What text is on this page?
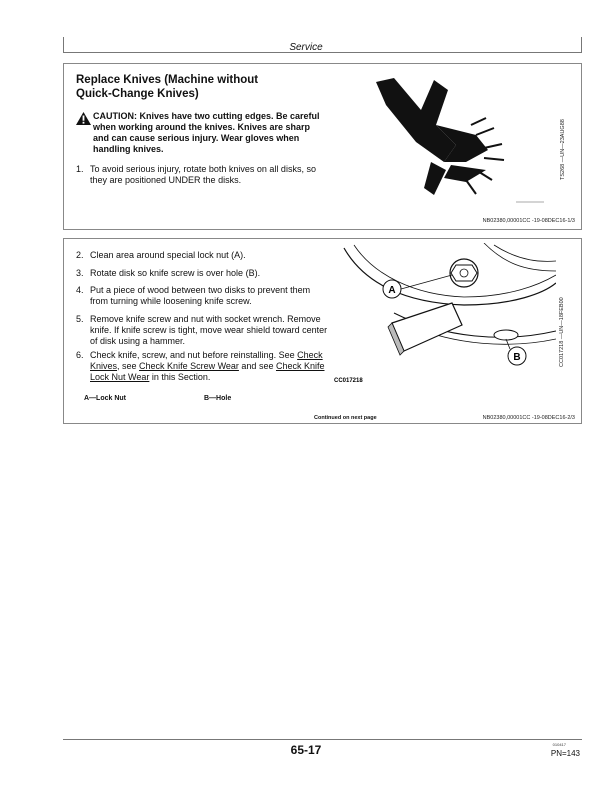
Service
Replace Knives (Machine without
Quick-Change Knives)
CAUTION: Knives have two cutting edges. Be careful when working around the knives. Knives are sharp and can cause serious injury. Wear gloves when handling knives.
1. To avoid serious injury, rotate both knives on all disks, so they are positioned UNDER the disks.	TS268 —UN—23AUG88
NB02380,00001CC -19-08DEC16-1/3
2. Clean area around special lock nut (A).
3. Rotate disk so knife screw is over hole (B).
4. Put a piece of wood between two disks to prevent them from turning while loosening knife screw.
5. Remove knife screw and nut with socket wrench. Remove knife. If knife screw is tight, move wear shield toward center of disk using a hammer.
6. Check knife, screw, and nut before reinstalling. See Check Knives, see Check Knife Screw Wear and see Check Knife Lock Nut Wear in this Section.
A—Lock Nut	B—Hole
A
B
CC017218
CC017218 —UN—18FEB00
Continued on next page	NB02380,00001CC -19-08DEC16-2/3
65-17	010417
PN=143
